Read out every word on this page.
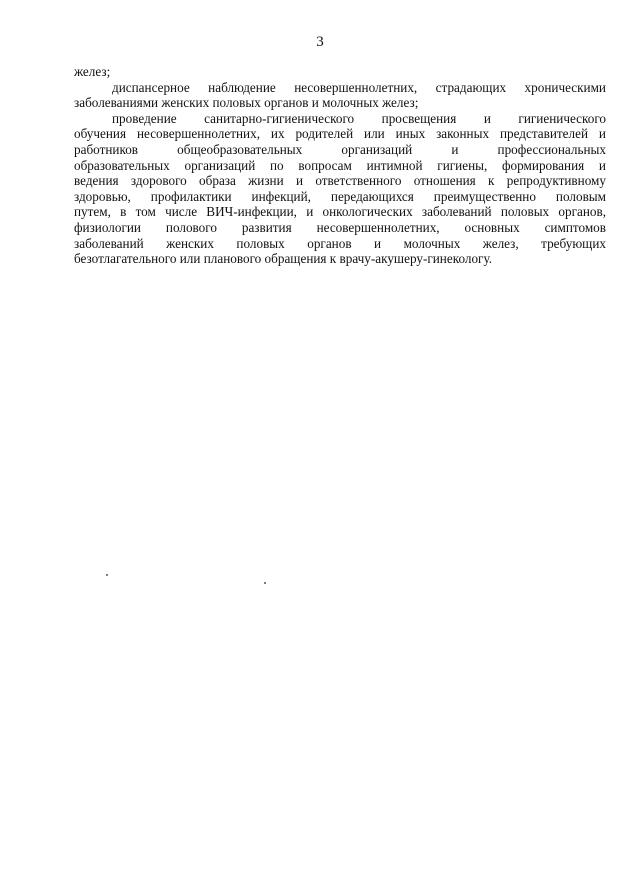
3
желез;
диспансерное наблюдение несовершеннолетних, страдающих хроническими
заболеваниями женских половых органов и молочных желез;
проведение санитарно-гигиенического просвещения и гигиенического
обучения несовершеннолетних, их родителей или иных законных представителей и
работников общеобразовательных организаций и профессиональных
образовательных организаций по вопросам интимной гигиены, формирования и
ведения здорового образа жизни и ответственного отношения к репродуктивному
здоровью, профилактики инфекций, передающихся преимущественно половым
путем, в том числе ВИЧ-инфекции, и онкологических заболеваний половых органов,
физиологии полового развития несовершеннолетних, основных симптомов
заболеваний женских половых органов и молочных желез, требующих
безотлагательного или планового обращения к врачу-акушеру-гинекологу.
